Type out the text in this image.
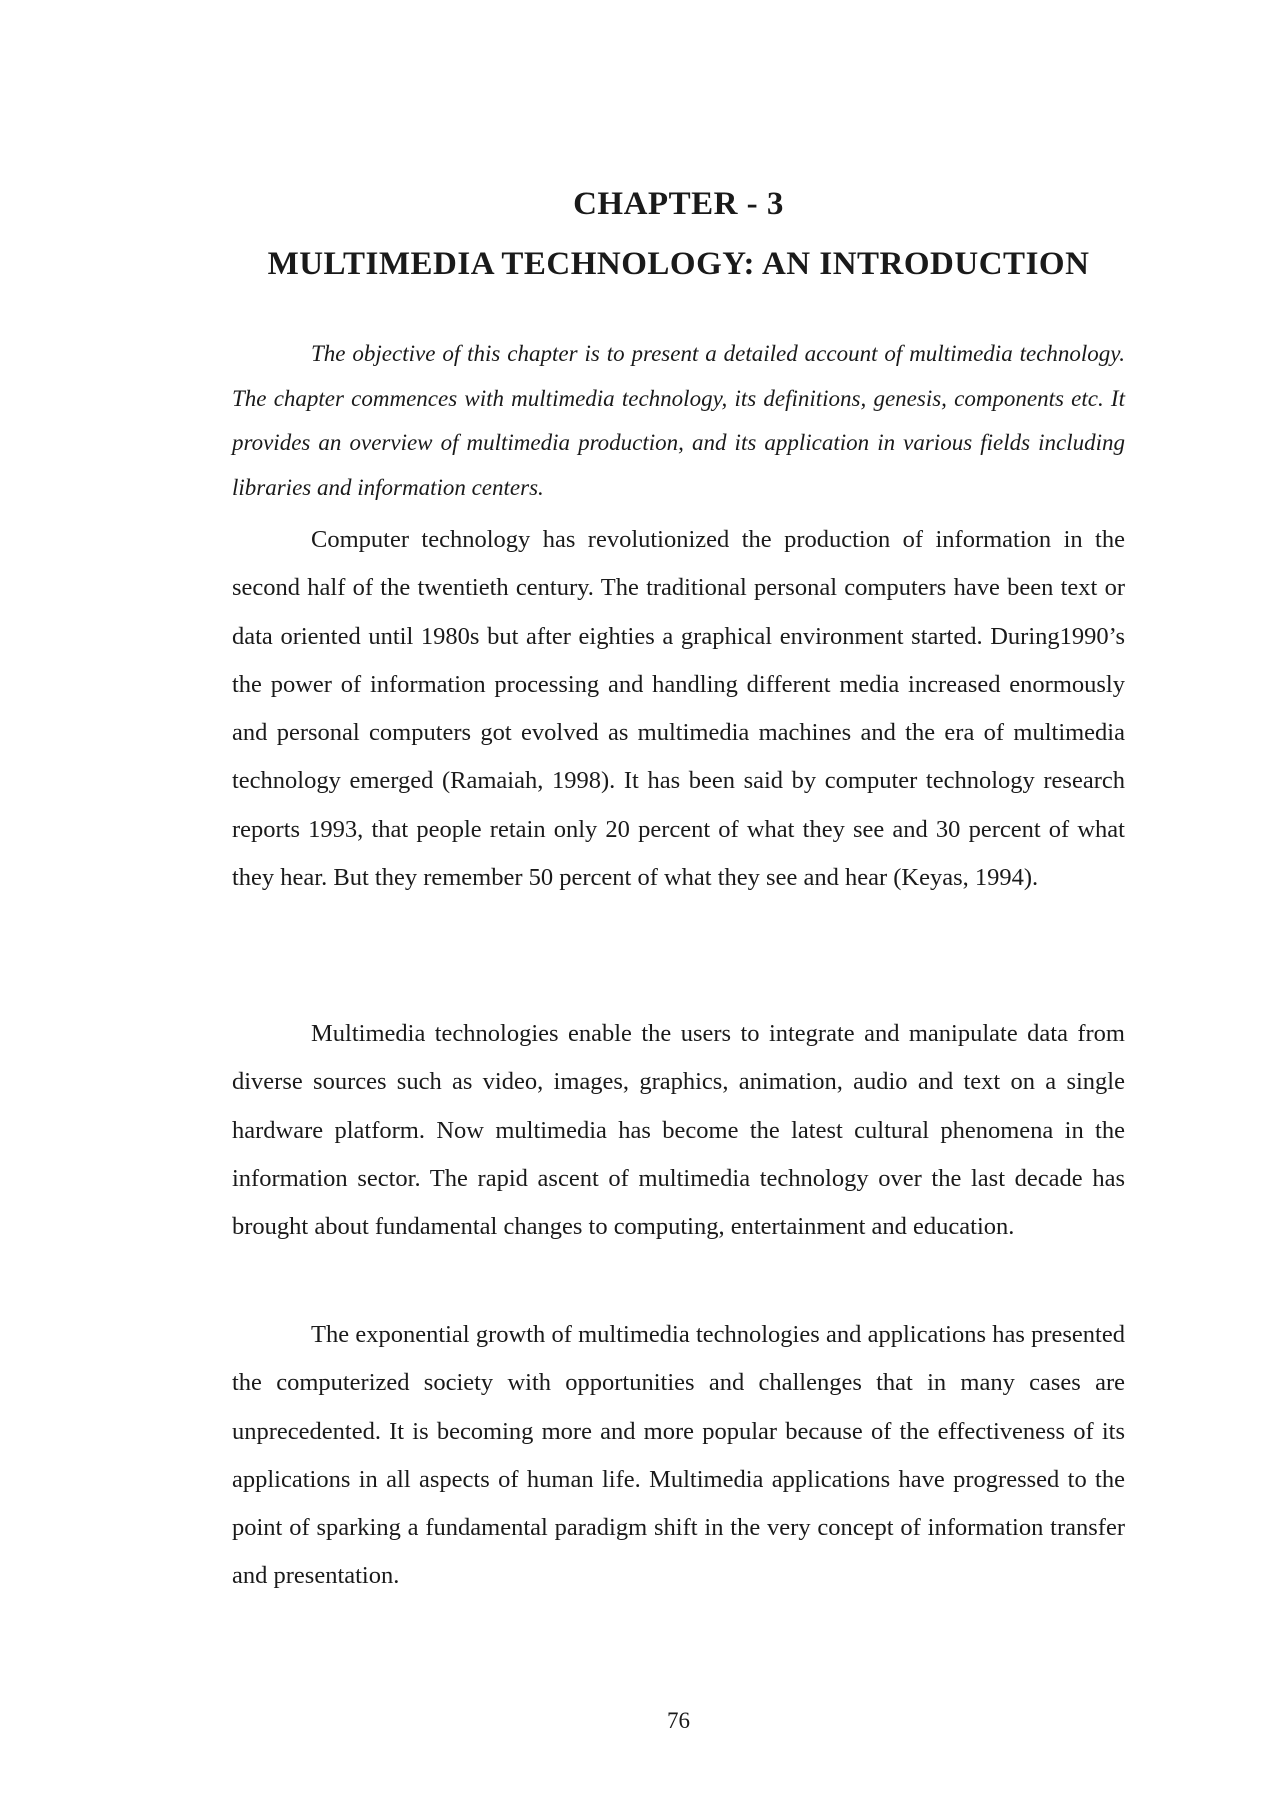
CHAPTER - 3
MULTIMEDIA TECHNOLOGY: AN INTRODUCTION

The objective of this chapter is to present a detailed account of multimedia technology. The chapter commences with multimedia technology, its definitions, genesis, components etc. It provides an overview of multimedia production, and its application in various fields including libraries and information centers.

Computer technology has revolutionized the production of information in the second half of the twentieth century. The traditional personal computers have been text or data oriented until 1980s but after eighties a graphical environment started. During1990’s the power of information processing and handling different media increased enormously and personal computers got evolved as multimedia machines and the era of multimedia technology emerged (Ramaiah, 1998). It has been said by computer technology research reports 1993, that people retain only 20 percent of what they see and 30 percent of what they hear. But they remember 50 percent of what they see and hear (Keyas, 1994).

Multimedia technologies enable the users to integrate and manipulate data from diverse sources such as video, images, graphics, animation, audio and text on a single hardware platform. Now multimedia has become the latest cultural phenomena in the information sector. The rapid ascent of multimedia technology over the last decade has brought about fundamental changes to computing, entertainment and education.

The exponential growth of multimedia technologies and applications has presented the computerized society with opportunities and challenges that in many cases are unprecedented. It is becoming more and more popular because of the effectiveness of its applications in all aspects of human life. Multimedia applications have progressed to the point of sparking a fundamental paradigm shift in the very concept of information transfer and presentation.

76
